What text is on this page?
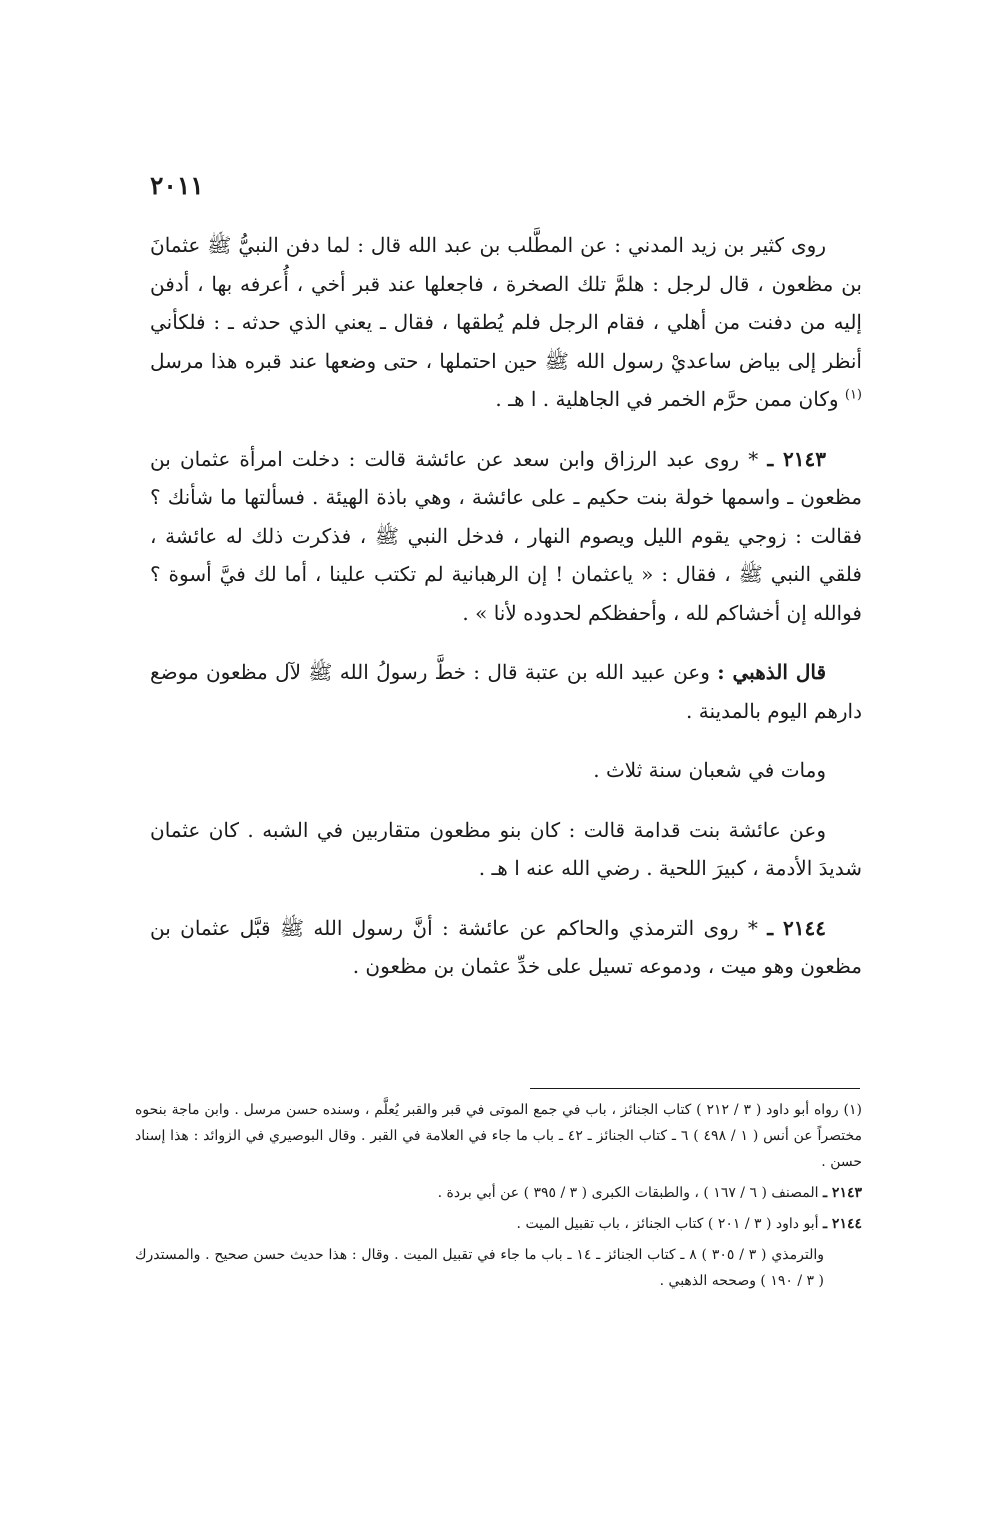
٢٠١١

روى كثير بن زيد المدني : عن المطَّلب بن عبد الله قال : لما دفن النبيُّ ﷺ عثمانَ بن مظعون ، قال لرجل : هلمَّ تلك الصخرة ، فاجعلها عند قبر أخي ، أُعرفه بها ، أدفن إليه من دفنت من أهلي ، فقام الرجل فلم يُطقها ، فقال ـ يعني الذي حدثه ـ : فلكأني أنظر إلى بياض ساعديْ رسول الله ﷺ حين احتملها ، حتى وضعها عند قبره هذا مرسل $^{(١)}$ وكان ممن حرَّم الخمر في الجاهلية . ا هـ .

٢١٤٣ ـ * روى عبد الرزاق وابن سعد عن عائشة قالت : دخلت امرأة عثمان بن مظعون ـ واسمها خولة بنت حكيم ـ على عائشة ، وهي باذة الهيئة . فسألتها ما شأنك ؟ فقالت : زوجي يقوم الليل ويصوم النهار ، فدخل النبي ﷺ ، فذكرت ذلك له عائشة ، فلقي النبي ﷺ ، فقال : « ياعثمان ! إن الرهبانية لم تكتب علينا ، أما لك فيَّ أسوة ؟ فوالله إن أخشاكم لله ، وأحفظكم لحدوده لأنا » .

قال الذهبي : وعن عبيد الله بن عتبة قال : خطَّ رسولُ الله ﷺ لآل مظعون موضع دارهم اليوم بالمدينة .

ومات في شعبان سنة ثلاث .

وعن عائشة بنت قدامة قالت : كان بنو مظعون متقاربين في الشبه . كان عثمان شديدَ الأدمة ، كبيرَ اللحية . رضي الله عنه ا هـ .

٢١٤٤ ـ * روى الترمذي والحاكم عن عائشة : أنَّ رسول الله ﷺ قبَّل عثمان بن مظعون وهو ميت ، ودموعه تسيل على خدِّ عثمان بن مظعون .

(١) رواه أبو داود ( ٣ / ٢١٢ ) كتاب الجنائز ، باب في جمع الموتى في قبر والقبر يُعلَّم ، وسنده حسن مرسل . وابن ماجة بنحوه مختصراً عن أنس ( ١ / ٤٩٨ ) ٦ ـ كتاب الجنائز ـ ٤٢ ـ باب ما جاء في العلامة في القبر . وقال البوصيري في الزوائد : هذا إسناد حسن .

٢١٤٣ ـ المصنف ( ٦ / ١٦٧ ) ، والطبقات الكبرى ( ٣ / ٣٩٥ ) عن أبي بردة .

٢١٤٤ ـ أبو داود ( ٣ / ٢٠١ ) كتاب الجنائز ، باب تقبيل الميت .

والترمذي ( ٣ / ٣٠٥ ) ٨ ـ كتاب الجنائز ـ ١٤ ـ باب ما جاء في تقبيل الميت . وقال : هذا حديث حسن صحيح . والمستدرك ( ٣ / ١٩٠ ) وصححه الذهبي .
